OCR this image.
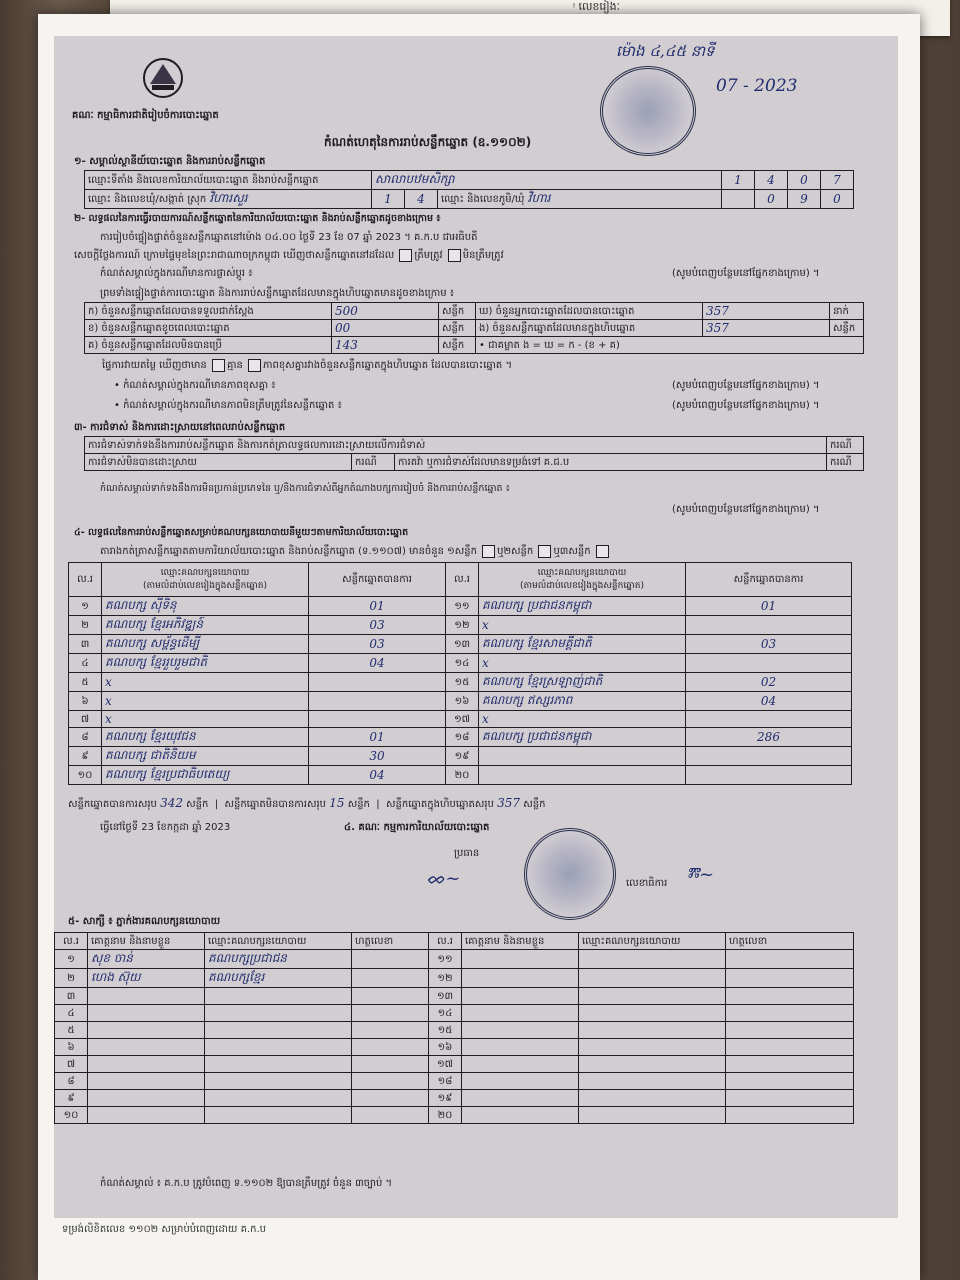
ᵎ លេខរៀងៈ
គណៈ កម្មាធិការជាតិរៀបចំការបោះឆ្នោត
កំណត់ហេតុនៃការរាប់សន្លឹកឆ្នោត (ឧ.១១០២)
ម៉ោង ៤,៤៥ នាទី
07 - 2023
១- សម្គាល់ស្ថានីយ៍បោះឆ្នោត និងការរាប់សន្លឹកឆ្នោត
ឈ្មោះទីតាំង និងលេខការិយាល័យបោះឆ្នោត និងរាប់សន្លឹកឆ្នោត	សាលាបឋមសិក្សា			1	4	0	7
ឈ្មោះ និងលេខឃុំ/សង្កាត់ ស្រុក វិហារសួរ	1	4	ឈ្មោះ និងលេខភូមិ/ឃុំ វិហារ		0	9	0
២- លទ្ធផលនៃការធ្វើរបាយការណ៍សន្លឹកឆ្នោតនៃការិយាល័យបោះឆ្នោត និងរាប់សន្លឹកឆ្នោតដូចខាងក្រោម ៖
ការរៀបចំផ្ទៀងផ្ទាត់ចំនួនសន្លឹកឆ្នោតនៅម៉ោង ០៤.០០ ថ្ងៃទី 23 ខែ 07 ឆ្នាំ 2023 ។ គ.ក.ប ជាអធិបតី
សេចក្តីថ្លែងការណ៍ ក្រោមផ្ទៃមុខនៃព្រះរាជាណាចក្រកម្ពុជា ឃើញថាសន្លឹកឆ្នោតនៅដដែល ត្រឹមត្រូវ មិនត្រឹមត្រូវ
កំណត់សម្គាល់ក្នុងករណីមានការផ្លាស់ប្តូរ ៖	(សូមបំពេញបន្ថែមនៅផ្នែកខាងក្រោម) ។
ព្រមទាំងផ្ទៀងផ្ទាត់ការបោះឆ្នោត និងការរាប់សន្លឹកឆ្នោតដែលមានក្នុងហិបឆ្នោតមានដូចខាងក្រោម ៖
ក) ចំនួនសន្លឹកឆ្នោតដែលបានទទួលជាក់ស្តែង	500	សន្លឹក	ឃ) ចំនួនអ្នកបោះឆ្នោតដែលបានបោះឆ្នោត	357	នាក់
ខ) ចំនួនសន្លឹកឆ្នោតខូចពេលបោះឆ្នោត	00	សន្លឹក	ង) ចំនួនសន្លឹកឆ្នោតដែលមានក្នុងហិបឆ្នោត	357	សន្លឹក
គ) ចំនួនសន្លឹកឆ្នោតដែលមិនបានប្រើ	143	សន្លឹក	• ជាគម្លាត ង = ឃ = ក - (ខ + គ)		
ផ្ទៃការវាយតម្លៃ ឃើញថាមាន គ្មាន ភាពខុសគ្នារវាងចំនួនសន្លឹកឆ្នោតក្នុងហិបឆ្នោត ដែលបានបោះឆ្នោត ។
• កំណត់សម្គាល់ក្នុងករណីមានភាពខុសគ្នា ៖	(សូមបំពេញបន្ថែមនៅផ្នែកខាងក្រោម) ។
• កំណត់សម្គាល់ក្នុងករណីមានភាពមិនត្រឹមត្រូវនៃសន្លឹកឆ្នោត ៖	(សូមបំពេញបន្ថែមនៅផ្នែកខាងក្រោម) ។
៣- ការជំទាស់ និងការដោះស្រាយនៅពេលរាប់សន្លឹកឆ្នោត
ការជំទាស់ទាក់ទងនឹងការរាប់សន្លឹកឆ្នោត និងការកត់ត្រាលទ្ធផលការដោះស្រាយលើការជំទាស់			ករណី
ការជំទាស់មិនបានដោះស្រាយ	ករណី	ការតវ៉ា ឬការជំទាស់ដែលមានទម្រង់ទៅ គ.ជ.ប	ករណី
កំណត់សម្គាល់ទាក់ទងនឹងការមិនប្រកាន់ប្រភេទនៃ ឬ/និងការជំទាស់ពីអ្នកតំណាងបក្សការរៀបចំ និងការរាប់សន្លឹកឆ្នោត ៖
(សូមបំពេញបន្ថែមនៅផ្នែកខាងក្រោម) ។
៤- លទ្ធផលនៃការរាប់សន្លឹកឆ្នោតសម្រាប់គណបក្សនយោបាយនីមួយៗតាមការិយាល័យបោះឆ្នោត
តារាងកត់ត្រាសន្លឹកឆ្នោតតាមការិយាល័យបោះឆ្នោត និងរាប់សន្លឹកឆ្នោត (ទ.១១០៧) មានចំនួន ១សន្លឹក ឬ២សន្លឹក ឬ៣សន្លឹក
ល.រ	ឈ្មោះគណបក្សនយោបាយ
(តាមលំដាប់លេខរៀងក្នុងសន្លឹកឆ្នោត)	សន្លឹកឆ្នោតបានការ	ល.រ	ឈ្មោះគណបក្សនយោបាយ
(តាមលំដាប់លេខរៀងក្នុងសន្លឹកឆ្នោត)	សន្លឹកឆ្នោតបានការ
១	គណបក្ស ស៊ីទិនុ	01	១១	គណបក្ស ប្រជាជនកម្ពុជា	01
២	គណបក្ស ខ្មែរអភិវឌ្ឍន៍	03	១២	x	
៣	គណបក្ស សម្ព័ន្ធដើម្បី	03	១៣	គណបក្ស ខ្មែរសាមគ្គីជាតិ	03
៤	គណបក្ស ខ្មែររួបរួមជាតិ	04	១៤	x	
៥	x		១៥	គណបក្ស ខ្មែរស្រឡាញ់ជាតិ	02
៦	x		១៦	គណបក្ស ឥស្សរភាព	04
៧	x		១៧	x	
៨	គណបក្ស ខ្មែរយុវជន	01	១៨	គណបក្ស ប្រជាជនកម្ពុជា	286
៩	គណបក្ស ជាតិនិយម	30	១៩		
១០	គណបក្ស ខ្មែរប្រជាធិបតេយ្យ	04	២០		
សន្លឹកឆ្នោតបានការសរុប 342 សន្លឹក  |  សន្លឹកឆ្នោតមិនបានការសរុប 15 សន្លឹក  |  សន្លឹកឆ្នោតក្នុងហិបឆ្នោតសរុប 357 សន្លឹក
ធ្វើនៅថ្ងៃទី 23 ខែកក្កដា ឆ្នាំ 2023	៤. គណៈ កម្មការការិយាល័យបោះឆ្នោត
ប្រធាន
ᨖ~	លេខាធិការ ⰿ~
៥- សាក្សី ៖ ភ្នាក់ងារគណបក្សនយោបាយ
ល.រ	គោត្តនាម និងនាមខ្លួន	ឈ្មោះគណបក្សនយោបាយ	ហត្ថលេខា	ល.រ	គោត្តនាម និងនាមខ្លួន	ឈ្មោះគណបក្សនយោបាយ	ហត្ថលេខា
១	សុខ ចាន់	គណបក្សប្រជាជន		១១			
២	ហេង ស៊ុយ	គណបក្សខ្មែរ		១២			
៣				១៣			
៤				១៤			
៥				១៥			
៦				១៦			
៧				១៧			
៨				១៨			
៩				១៩			
១០				២០			
កំណត់សម្គាល់ ៖ គ.ក.ប ត្រូវបំពេញ ទ.១១០២ ឱ្យបានត្រឹមត្រូវ ចំនួន ៣ច្បាប់ ។
ទម្រង់លិខិតលេខ ១១០២ សម្រាប់បំពេញដោយ គ.ក.ប
